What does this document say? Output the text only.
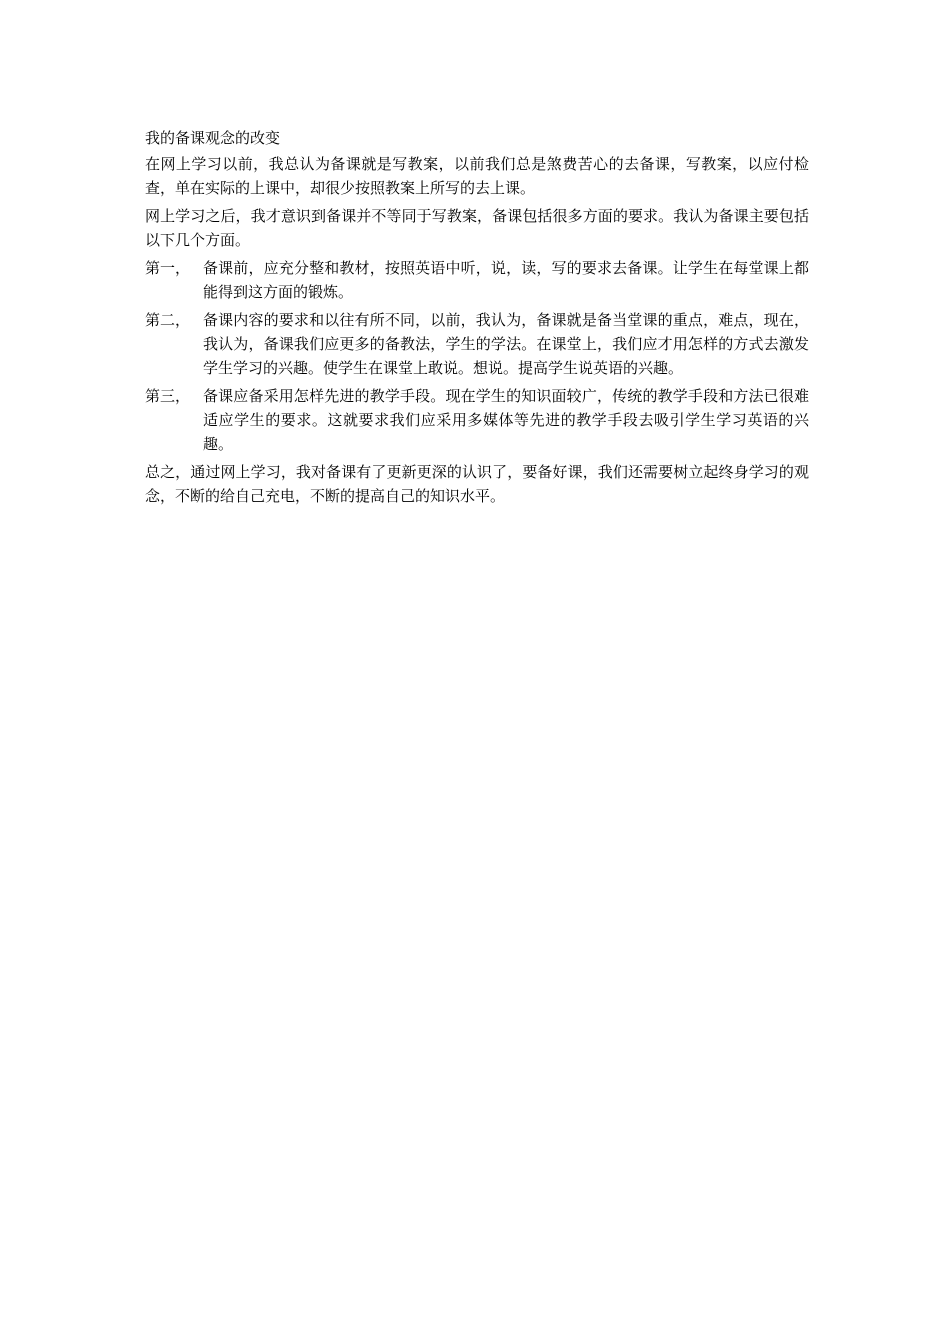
我的备课观念的改变

在网上学习以前，我总认为备课就是写教案，以前我们总是煞费苦心的去备课，写教案，以应付检查，单在实际的上课中，却很少按照教案上所写的去上课。

网上学习之后，我才意识到备课并不等同于写教案，备课包括很多方面的要求。我认为备课主要包括以下几个方面。

第一， 备课前，应充分整和教材，按照英语中听，说，读，写的要求去备课。让学生在每堂课上都能得到这方面的锻炼。
第二， 备课内容的要求和以往有所不同，以前，我认为，备课就是备当堂课的重点，难点，现在，我认为，备课我们应更多的备教法，学生的学法。在课堂上，我们应才用怎样的方式去激发学生学习的兴趣。使学生在课堂上敢说。想说。提高学生说英语的兴趣。
第三， 备课应备采用怎样先进的教学手段。现在学生的知识面较广，传统的教学手段和方法已很难适应学生的要求。这就要求我们应采用多媒体等先进的教学手段去吸引学生学习英语的兴趣。

总之，通过网上学习，我对备课有了更新更深的认识了，要备好课，我们还需要树立起终身学习的观念，不断的给自己充电，不断的提高自己的知识水平。
